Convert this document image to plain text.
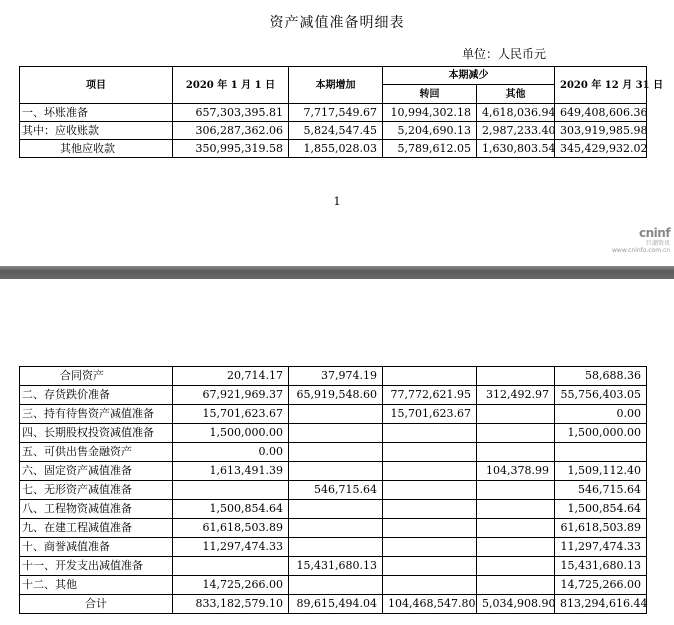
资产减值准备明细表
单位：人民币元
项目	2020 年 1 月 1 日	本期增加	本期减少		2020 年 12 月 31 日
			转回	其他	
一、坏账准备	657,303,395.81	7,717,549.67	10,994,302.18	4,618,036.94	649,408,606.36
其中：应收账款	306,287,362.06	5,824,547.45	5,204,690.13	2,987,233.40	303,919,985.98
其他应收款	350,995,319.58	1,855,028.03	5,789,612.05	1,630,803.54	345,429,932.02
1
cninf
巨潮资讯
www.cninfo.com.cn
合同资产	20,714.17	37,974.19			58,688.36
二、存货跌价准备	67,921,969.37	65,919,548.60	77,772,621.95	312,492.97	55,756,403.05
三、持有待售资产减值准备	15,701,623.67		15,701,623.67		0.00
四、长期股权投资减值准备	1,500,000.00				1,500,000.00
五、可供出售金融资产	0.00				
六、固定资产减值准备	1,613,491.39			104,378.99	1,509,112.40
七、无形资产减值准备		546,715.64			546,715.64
八、工程物资减值准备	1,500,854.64				1,500,854.64
九、在建工程减值准备	61,618,503.89				61,618,503.89
十、商誉减值准备	11,297,474.33				11,297,474.33
十一、开发支出减值准备		15,431,680.13			15,431,680.13
十二、其他	14,725,266.00				14,725,266.00
合计	833,182,579.10	89,615,494.04	104,468,547.80	5,034,908.90	813,294,616.44
